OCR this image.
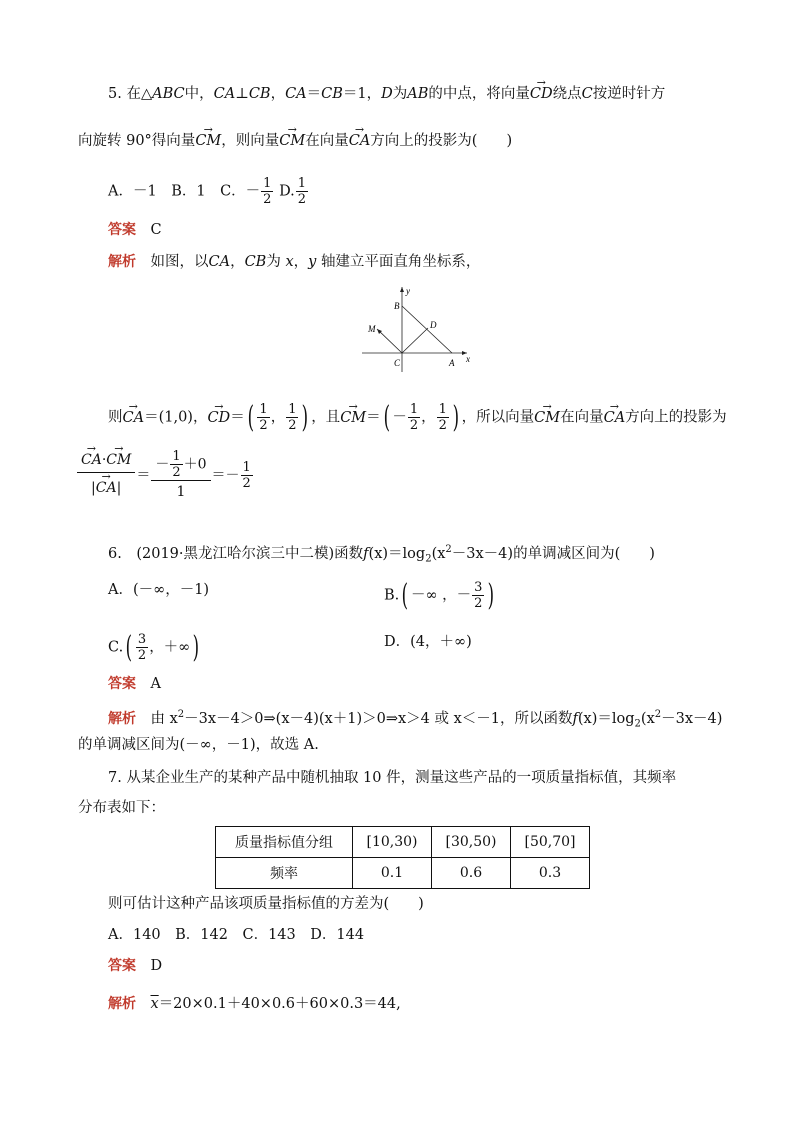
5. 在△ABC中，CA⊥CB，CA＝CB＝1，D为AB的中点，将向量→ CD绕点C按逆时针方
向旋转 90°得向量→ CM，则向量→ CM在向量→ CA方向上的投影为(　　)
A．－1　B．1　C．－ $\frac{1}{2} D$. $\frac{1}{2}$
答案　 C
解析　 如图，以CA，CB为 x，y 轴建立平面直角坐标系，
y
x
B
D
M
C	A
则→ CA＝(1,0)，→ $CD=( \frac{1}{2}$ ， $\frac{1}{2}$ ) ，且→ $CM=( - \frac{1}{2}$ ， $\frac{1}{2}$ ) ，所以向量→ CM在向量→ CA方向上的投影为
→ CA·→ CM
→ $|CA| = \frac{- \frac{1}{2} +0}{1} =- \frac{1}{2}$
6.　(2019·黑龙江哈尔滨三中二模)函数$f(x)=\log_2(x^2-3x-4)$的单调减区间为(　　)
A．(－∞，－1)	B.( －∞ ，－ $\frac{3}{2}$ )
$C.( \frac{3}{2}$ ，＋∞)	D．(4，＋∞)
答案　 A
解析　 由 $x^2-3x-4>0\Rightarrow(x-4)(x+1)>0\Rightarrow x>4$ 或 x＜－1，所以函数$f(x)=\log_2(x^2-3x-4)$
的单调减区间为(－∞，－1)，故选 A.
7. 从某企业生产的某种产品中随机抽取 10 件，测量这些产品的一项质量指标值，其频率
分布表如下：
质量指标值分组	[10,30)	[30,50)	[50,70]
频率	0.1	0.6	0.3
则可估计这种产品该项质量指标值的方差为(　　)
A．140　B．142　C．143　D．144
答案　 D
解析　 $\overline{x}=20\times 0.1+40\times 0.6+60\times 0.3=44$,
